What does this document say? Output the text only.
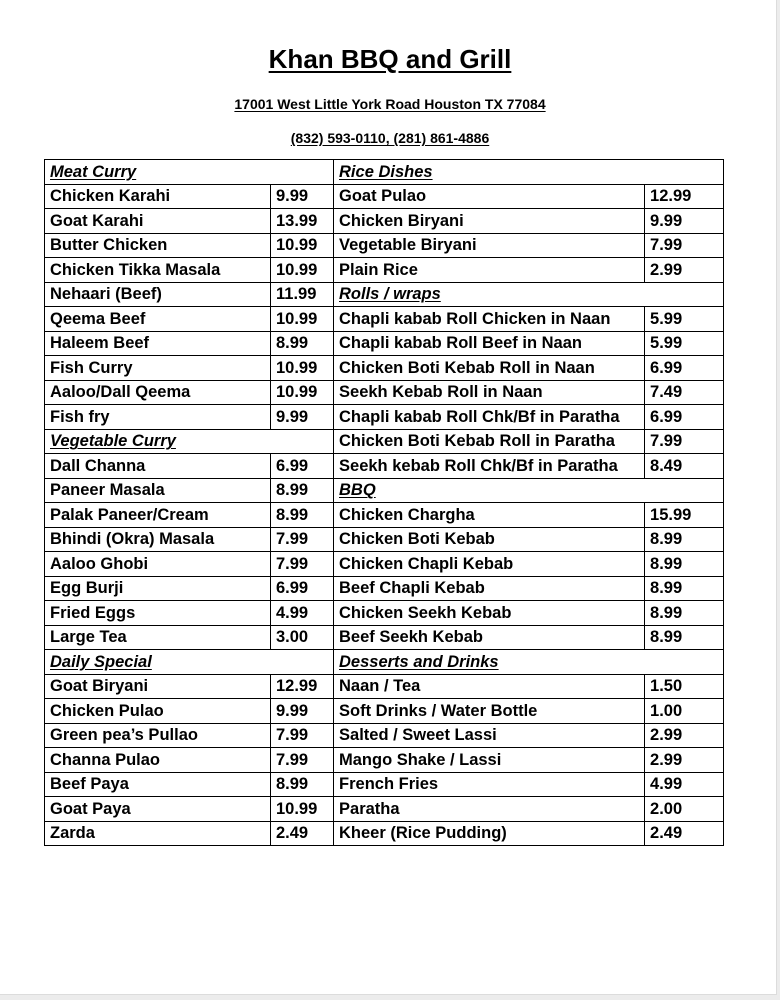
Khan BBQ and Grill
17001 West Little York Road Houston TX 77084
(832) 593-0110, (281) 861-4886
Meat Curry		Rice Dishes	
Chicken Karahi	9.99	Goat Pulao	12.99
Goat Karahi	13.99	Chicken Biryani	9.99
Butter Chicken	10.99	Vegetable Biryani	7.99
Chicken Tikka Masala	10.99	Plain Rice	2.99
Nehaari (Beef)	11.99	Rolls / wraps	
Qeema Beef	10.99	Chapli kabab Roll Chicken in Naan	5.99
Haleem Beef	8.99	Chapli kabab Roll Beef in Naan	5.99
Fish Curry	10.99	Chicken Boti Kebab Roll in Naan	6.99
Aaloo/Dall Qeema	10.99	Seekh Kebab Roll in Naan	7.49
Fish fry	9.99	Chapli kabab Roll Chk/Bf in Paratha	6.99
Vegetable Curry		Chicken Boti Kebab Roll in Paratha	7.99
Dall Channa	6.99	Seekh kebab Roll Chk/Bf in Paratha	8.49
Paneer Masala	8.99	BBQ	
Palak Paneer/Cream	8.99	Chicken Chargha	15.99
Bhindi (Okra) Masala	7.99	Chicken Boti Kebab	8.99
Aaloo Ghobi	7.99	Chicken Chapli Kebab	8.99
Egg Burji	6.99	Beef Chapli Kebab	8.99
Fried Eggs	4.99	Chicken Seekh Kebab	8.99
Large Tea	3.00	Beef Seekh Kebab	8.99
Daily Special		Desserts and Drinks	
Goat Biryani	12.99	Naan / Tea	1.50
Chicken Pulao	9.99	Soft Drinks / Water Bottle	1.00
Green pea’s Pullao	7.99	Salted / Sweet Lassi	2.99
Channa Pulao	7.99	Mango Shake / Lassi	2.99
Beef Paya	8.99	French Fries	4.99
Goat Paya	10.99	Paratha	2.00
Zarda	2.49	Kheer (Rice Pudding)	2.49
